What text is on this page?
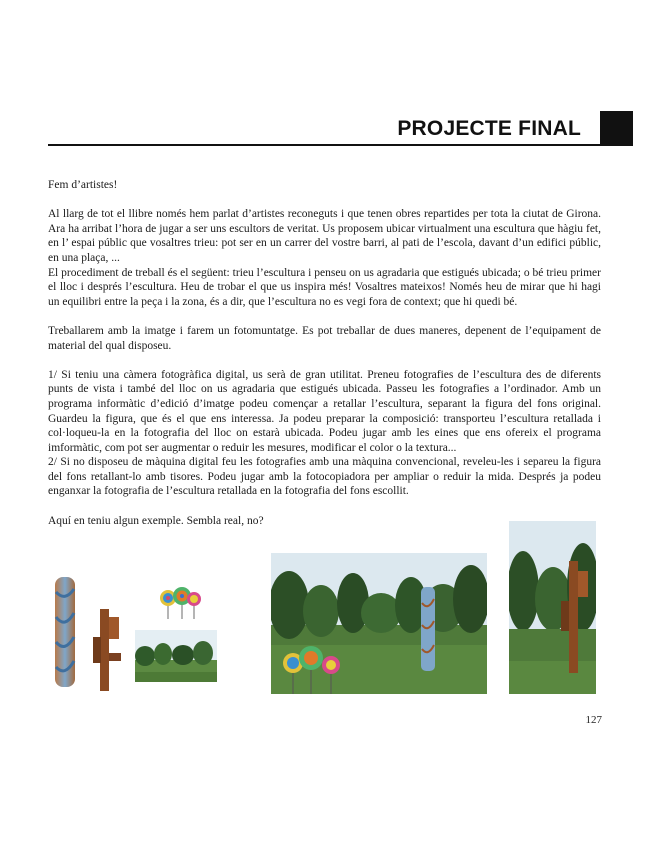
PROJECTE FINAL

Fem d’artistes!

Al llarg de tot el llibre només hem parlat d’artistes reconeguts i que tenen obres repartides per tota la ciutat de Girona. Ara ha arribat l’hora de jugar a ser uns escultors de veritat. Us proposem ubicar virtualment una escultura que hàgiu fet, en l’ espai públic que vosaltres trieu: pot ser en un carrer del vostre barri, al pati de l’escola, davant d’un edifici públic, en una plaça, ...

El procediment de treball és el següent: trieu l’escultura i penseu on us agradaria que estigués ubicada; o bé trieu primer el lloc i després l’escultura. Heu de trobar el que us inspira més! Vosaltres mateixos! Només heu de mirar que hi hagi un equilibri entre la peça i la zona, és a dir, que l’escultura no es vegi fora de context; que hi quedi bé.

Treballarem amb la imatge i farem un fotomuntatge. Es pot treballar de dues maneres, depenent de l’equipament de material del qual disposeu.

1/ Si teniu una càmera fotogràfica digital, us serà de gran utilitat. Preneu fotografies de l’escultura des de diferents punts de vista i també del lloc on us agradaria que estigués ubicada. Passeu les fotografies a l’ordinador. Amb un programa informàtic d’edició d’imatge podeu començar a retallar l’escultura, separant la figura del fons original. Guardeu la figura, que és el que ens interessa. Ja podeu preparar la composició: transporteu l’escultura retallada i col·loqueu-la en la fotografia del lloc on estarà ubicada. Podeu jugar amb les eines que ens ofereix el programa imformàtic, com pot ser augmentar o reduir les mesures, modificar el color o la textura...

2/ Si no disposeu de màquina digital feu les fotografies amb una màquina convencional, reveleu-les i separeu la figura del fons retallant-lo amb tisores. Podeu jugar amb la fotocopiadora per ampliar o reduir la mida. Després ja podeu enganxar la fotografia de l’escultura retallada en la fotografia del fons escollit.

Aquí en teniu algun exemple. Sembla real, no?

127
